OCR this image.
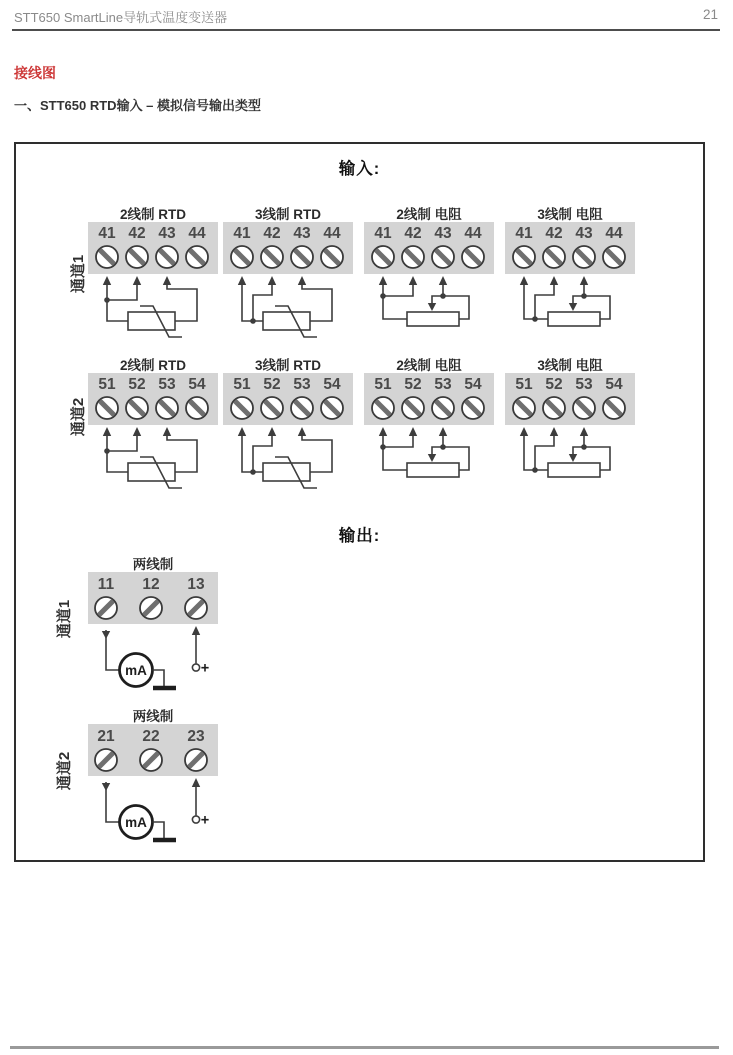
STT650 SmartLine导轨式温度变送器	21
接线图
一、STT650 RTD输入 – 模拟信号输出类型
输入:
输出:
通道1
2线制 RTD
41 42 43 44
3线制 RTD
41 42 43 44
2线制 电阻
41 42 43 44
3线制 电阻
41 42 43 44
通道2
2线制 RTD
51 52 53 54
3线制 RTD
51 52 53 54
2线制 电阻
51 52 53 54
3线制 电阻
51 52 53 54
通道1
两线制
11 12 13
mA	+
通道2
两线制
21 22 23
mA	+
